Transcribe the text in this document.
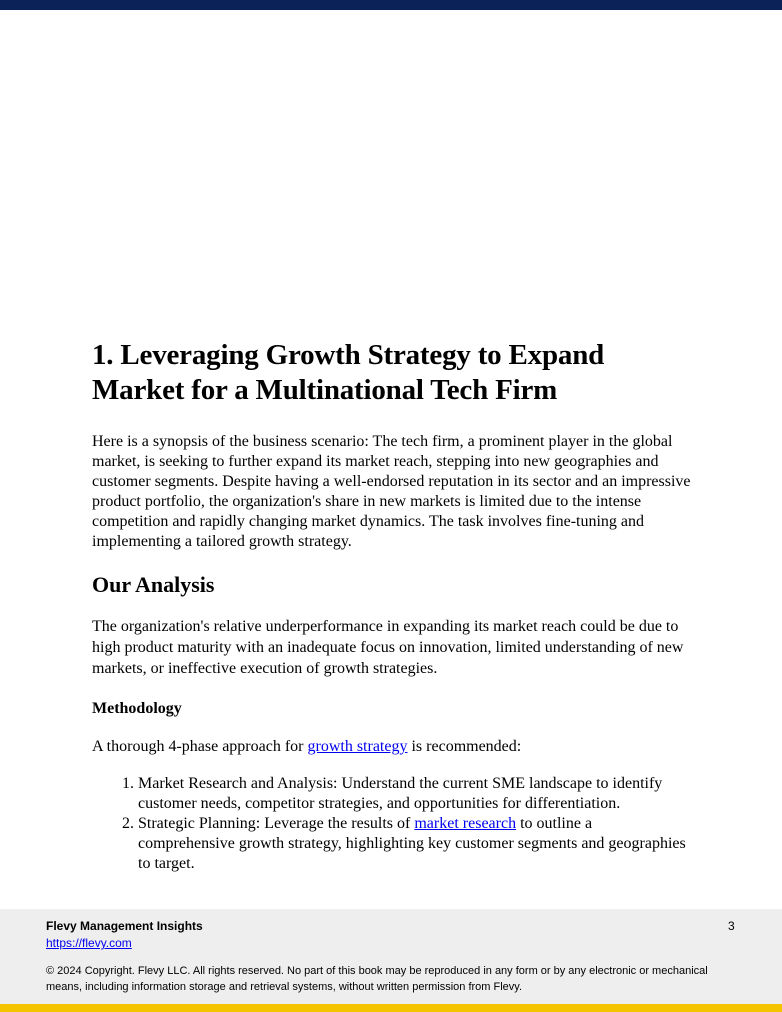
1. Leveraging Growth Strategy to Expand Market for a Multinational Tech Firm

Here is a synopsis of the business scenario: The tech firm, a prominent player in the global market, is seeking to further expand its market reach, stepping into new geographies and customer segments. Despite having a well-endorsed reputation in its sector and an impressive product portfolio, the organization's share in new markets is limited due to the intense competition and rapidly changing market dynamics. The task involves fine-tuning and implementing a tailored growth strategy.

Our Analysis

The organization's relative underperformance in expanding its market reach could be due to high product maturity with an inadequate focus on innovation, limited understanding of new markets, or ineffective execution of growth strategies.

Methodology

A thorough 4-phase approach for growth strategy is recommended:

1. Market Research and Analysis: Understand the current SME landscape to identify customer needs, competitor strategies, and opportunities for differentiation.
2. Strategic Planning: Leverage the results of market research to outline a comprehensive growth strategy, highlighting key customer segments and geographies to target.
Flevy Management Insights
https://flevy.com
3
© 2024 Copyright. Flevy LLC. All rights reserved. No part of this book may be reproduced in any form or by any electronic or mechanical means, including information storage and retrieval systems, without written permission from Flevy.
